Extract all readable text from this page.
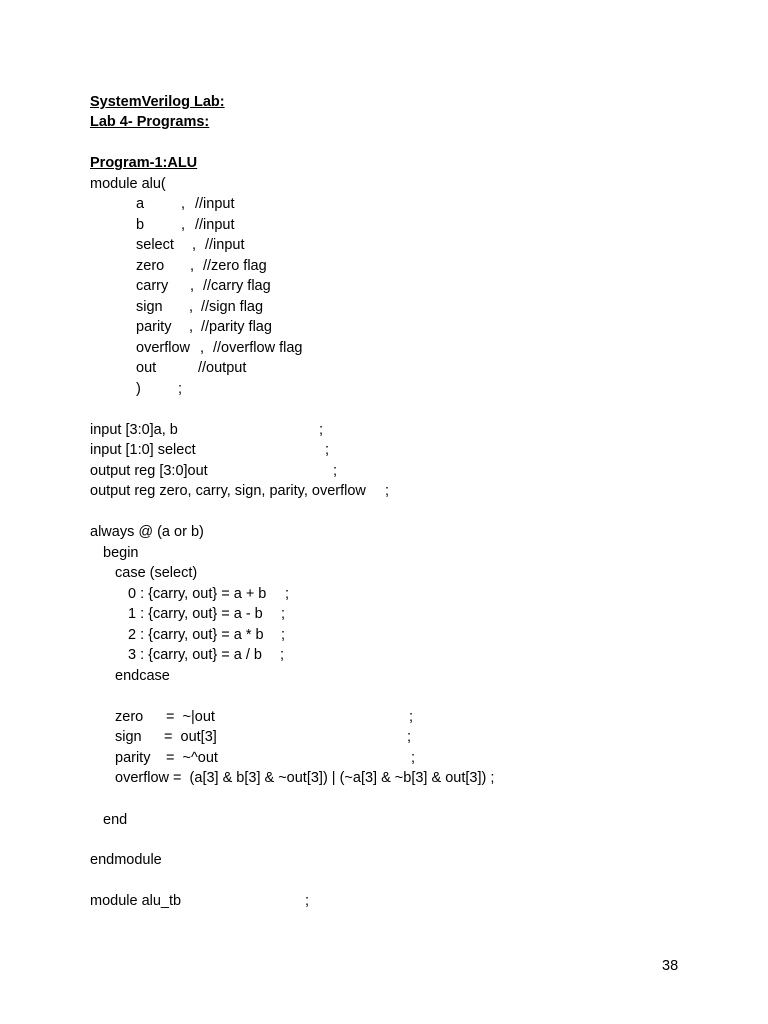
SystemVerilog Lab:
Lab 4- Programs:
Program-1:ALU
module alu(
a	, //input
b	, //input
select , //input
zero , //zero flag
carry , //carry flag
sign , //sign flag
parity , //parity flag
overflow , //overflow flag
out	//output
)	;
input [3:0]a, b	;
input [1:0] select	;
output reg [3:0]out	;
output reg zero, carry, sign, parity, overflow ;
always @ (a or b)
begin
case (select)
0 : {carry, out} = a + b ;
1 : {carry, out} = a - b ;
2 : {carry, out} = a * b ;
3 : {carry, out} = a / b ;
endcase
zero =  ~|out	;
sign =  out[3]	;
parity =  ~^out	;
overflow =  (a[3] & b[3] & ~out[3]) | (~a[3] & ~b[3] & out[3]) ;
end
endmodule
module alu_tb	;
38
